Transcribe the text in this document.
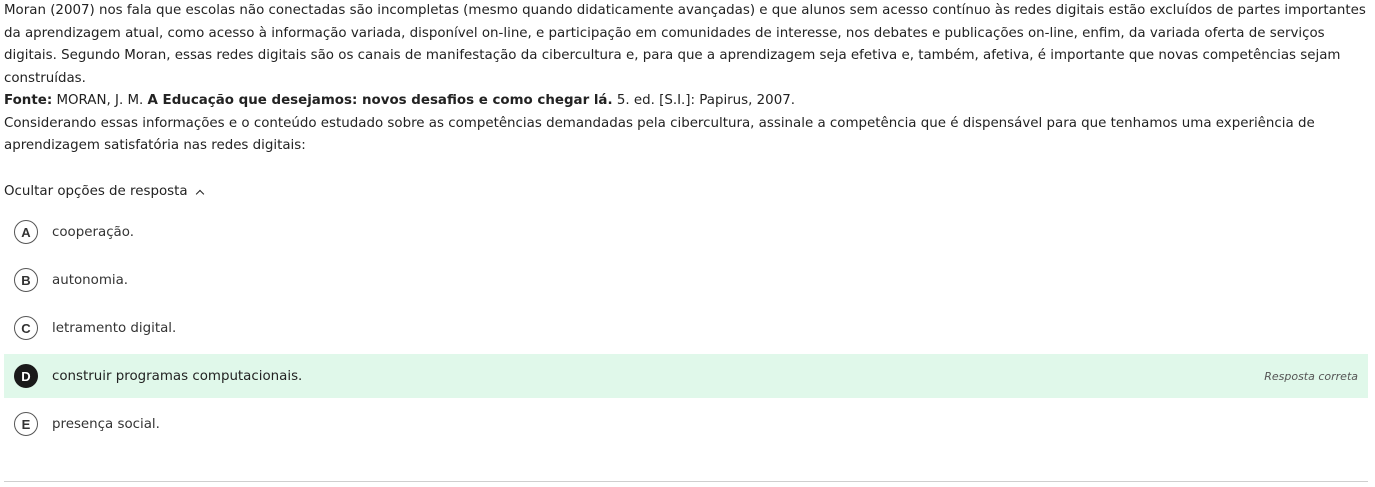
Moran (2007) nos fala que escolas não conectadas são incompletas (mesmo quando didaticamente avançadas) e que alunos sem acesso contínuo às redes digitais estão excluídos de partes importantes da aprendizagem atual, como acesso à informação variada, disponível on-line, e participação em comunidades de interesse, nos debates e publicações on-line, enfim, da variada oferta de serviços digitais. Segundo Moran, essas redes digitais são os canais de manifestação da cibercultura e, para que a aprendizagem seja efetiva e, também, afetiva, é importante que novas competências sejam construídas.

Fonte: MORAN, J. M. A Educação que desejamos: novos desafios e como chegar lá. 5. ed. [S.I.]: Papirus, 2007.

Considerando essas informações e o conteúdo estudado sobre as competências demandadas pela cibercultura, assinale a competência que é dispensável para que tenhamos uma experiência de aprendizagem satisfatória nas redes digitais:

Ocultar opções de resposta
A	cooperação.
B	autonomia.
C	letramento digital.
D	construir programas computacionais.	Resposta correta
E	presença social.
